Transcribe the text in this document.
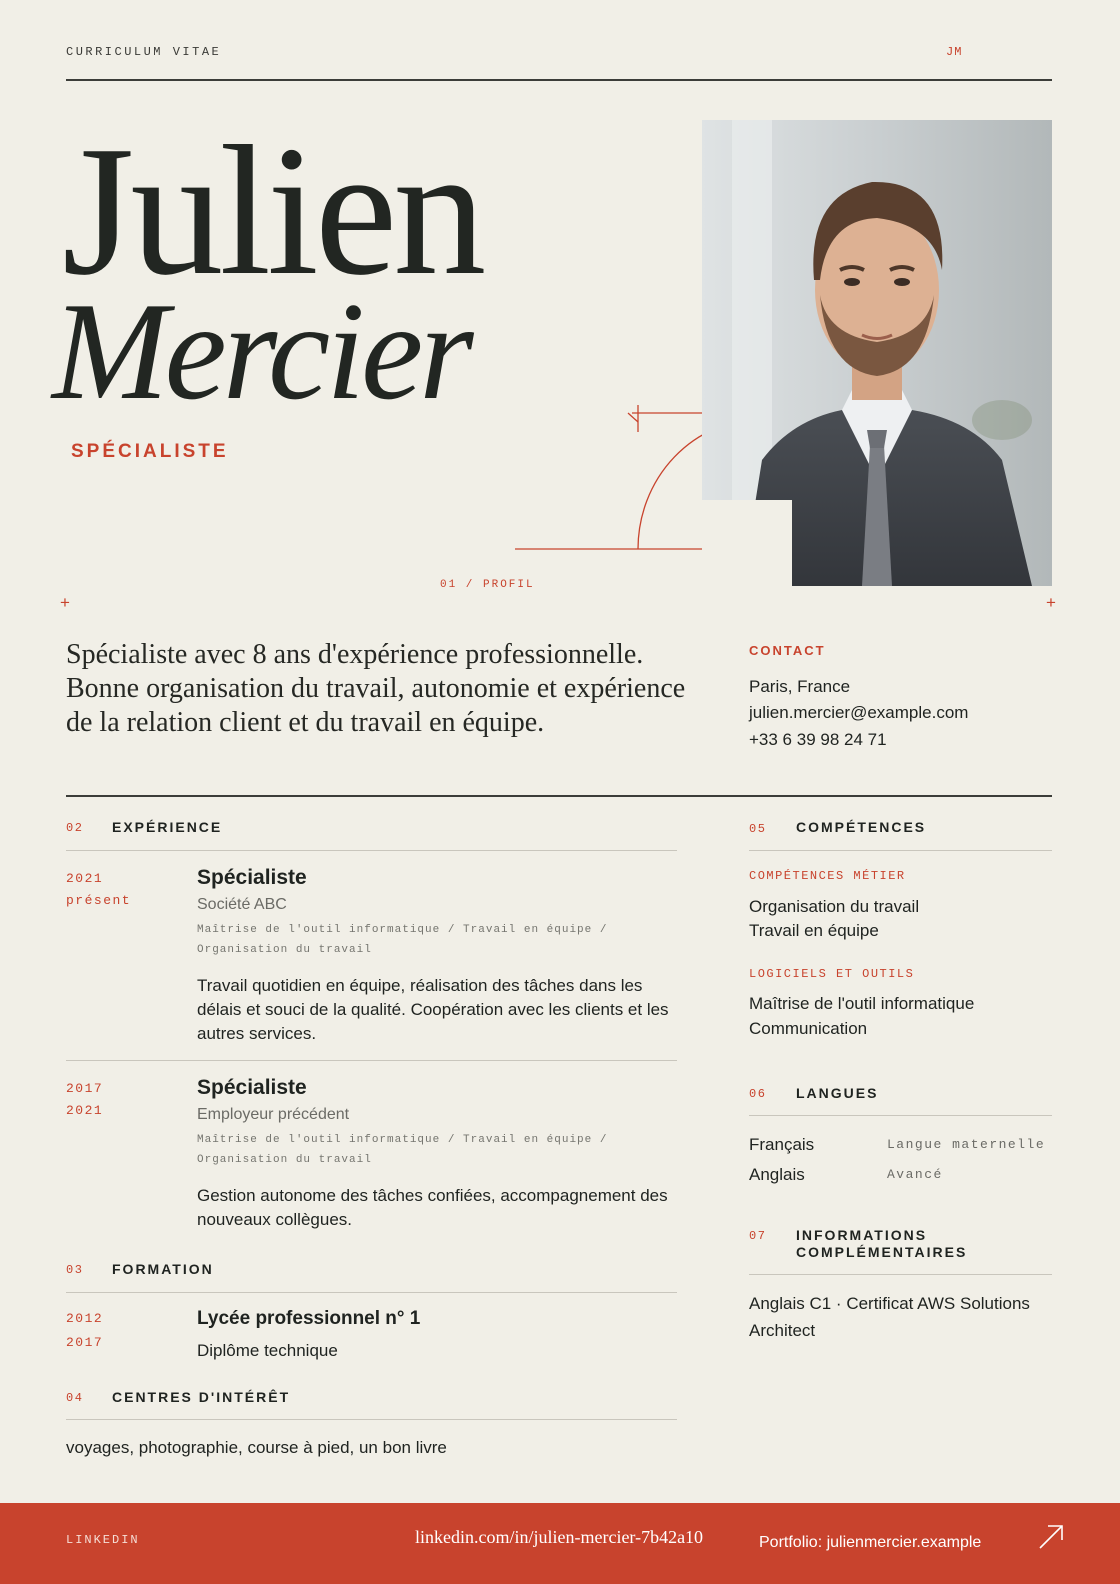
CURRICULUM VITAE	JM
Julien
Mercier
SPÉCIALISTE
01 / PROFIL
+	+
Spécialiste avec 8 ans d'expérience professionnelle. Bonne organisation du travail, autonomie et expérience de la relation client et du travail en équipe.
CONTACT
Paris, France
julien.mercier@example.com
+33 6 39 98 24 71
02 EXPÉRIENCE
2021
présent
Spécialiste
Société ABC
Maîtrise de l'outil informatique / Travail en équipe / Organisation du travail
Travail quotidien en équipe, réalisation des tâches dans les délais et souci de la qualité. Coopération avec les clients et les autres services.
2017
2021
Spécialiste
Employeur précédent
Maîtrise de l'outil informatique / Travail en équipe / Organisation du travail
Gestion autonome des tâches confiées, accompagnement des nouveaux collègues.
03 FORMATION
2012
2017
Lycée professionnel n° 1
Diplôme technique
04 CENTRES D'INTÉRÊT
voyages, photographie, course à pied, un bon livre
05 COMPÉTENCES
COMPÉTENCES MÉTIER
Organisation du travail
Travail en équipe
LOGICIELS ET OUTILS
Maîtrise de l'outil informatique
Communication
06 LANGUES
Français	Langue maternelle
Anglais	Avancé
07 INFORMATIONS
COMPLÉMENTAIRES
Anglais C1 · Certificat AWS Solutions Architect
LINKEDIN	linkedin.com/in/julien-mercier-7b42a10	Portfolio: julienmercier.example
